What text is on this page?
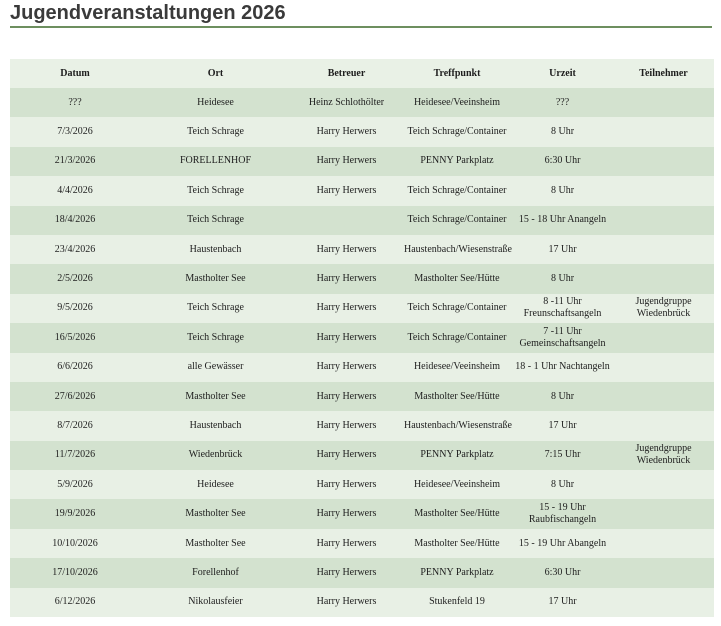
Jugendveranstaltungen 2026
Datum	Ort	Betreuer	Treffpunkt	Urzeit	Teilnehmer
???	Heidesee	Heinz Schlothölter	Heidesee/Veeinsheim	???	
7/3/2026	Teich Schrage	Harry Herwers	Teich Schrage/Container	8 Uhr	
21/3/2026	FORELLENHOF	Harry Herwers	PENNY Parkplatz	6:30 Uhr	
4/4/2026	Teich Schrage	Harry Herwers	Teich Schrage/Container	8 Uhr	
18/4/2026	Teich Schrage		Teich Schrage/Container	15 - 18 Uhr Anangeln	
23/4/2026	Haustenbach	Harry Herwers	Haustenbach/Wiesenstraße	17 Uhr	
2/5/2026	Mastholter See	Harry Herwers	Mastholter See/Hütte	8 Uhr	
9/5/2026	Teich Schrage	Harry Herwers	Teich Schrage/Container	8 -11 Uhr Freunschaftsangeln	Jugendgruppe Wiedenbrück
16/5/2026	Teich Schrage	Harry Herwers	Teich Schrage/Container	7 -11 Uhr Gemeinschaftsangeln	
6/6/2026	alle Gewässer	Harry Herwers	Heidesee/Veeinsheim	18 - 1 Uhr Nachtangeln	
27/6/2026	Mastholter See	Harry Herwers	Mastholter See/Hütte	8 Uhr	
8/7/2026	Haustenbach	Harry Herwers	Haustenbach/Wiesenstraße	17 Uhr	
11/7/2026	Wiedenbrück	Harry Herwers	PENNY Parkplatz	7:15 Uhr	Jugendgruppe Wiedenbrück
5/9/2026	Heidesee	Harry Herwers	Heidesee/Veeinsheim	8 Uhr	
19/9/2026	Mastholter See	Harry Herwers	Mastholter See/Hütte	15 - 19 Uhr Raubfischangeln	
10/10/2026	Mastholter See	Harry Herwers	Mastholter See/Hütte	15 - 19 Uhr Abangeln	
17/10/2026	Forellenhof	Harry Herwers	PENNY Parkplatz	6:30 Uhr	
6/12/2026	Nikolausfeier	Harry Herwers	Stukenfeld 19	17 Uhr	
